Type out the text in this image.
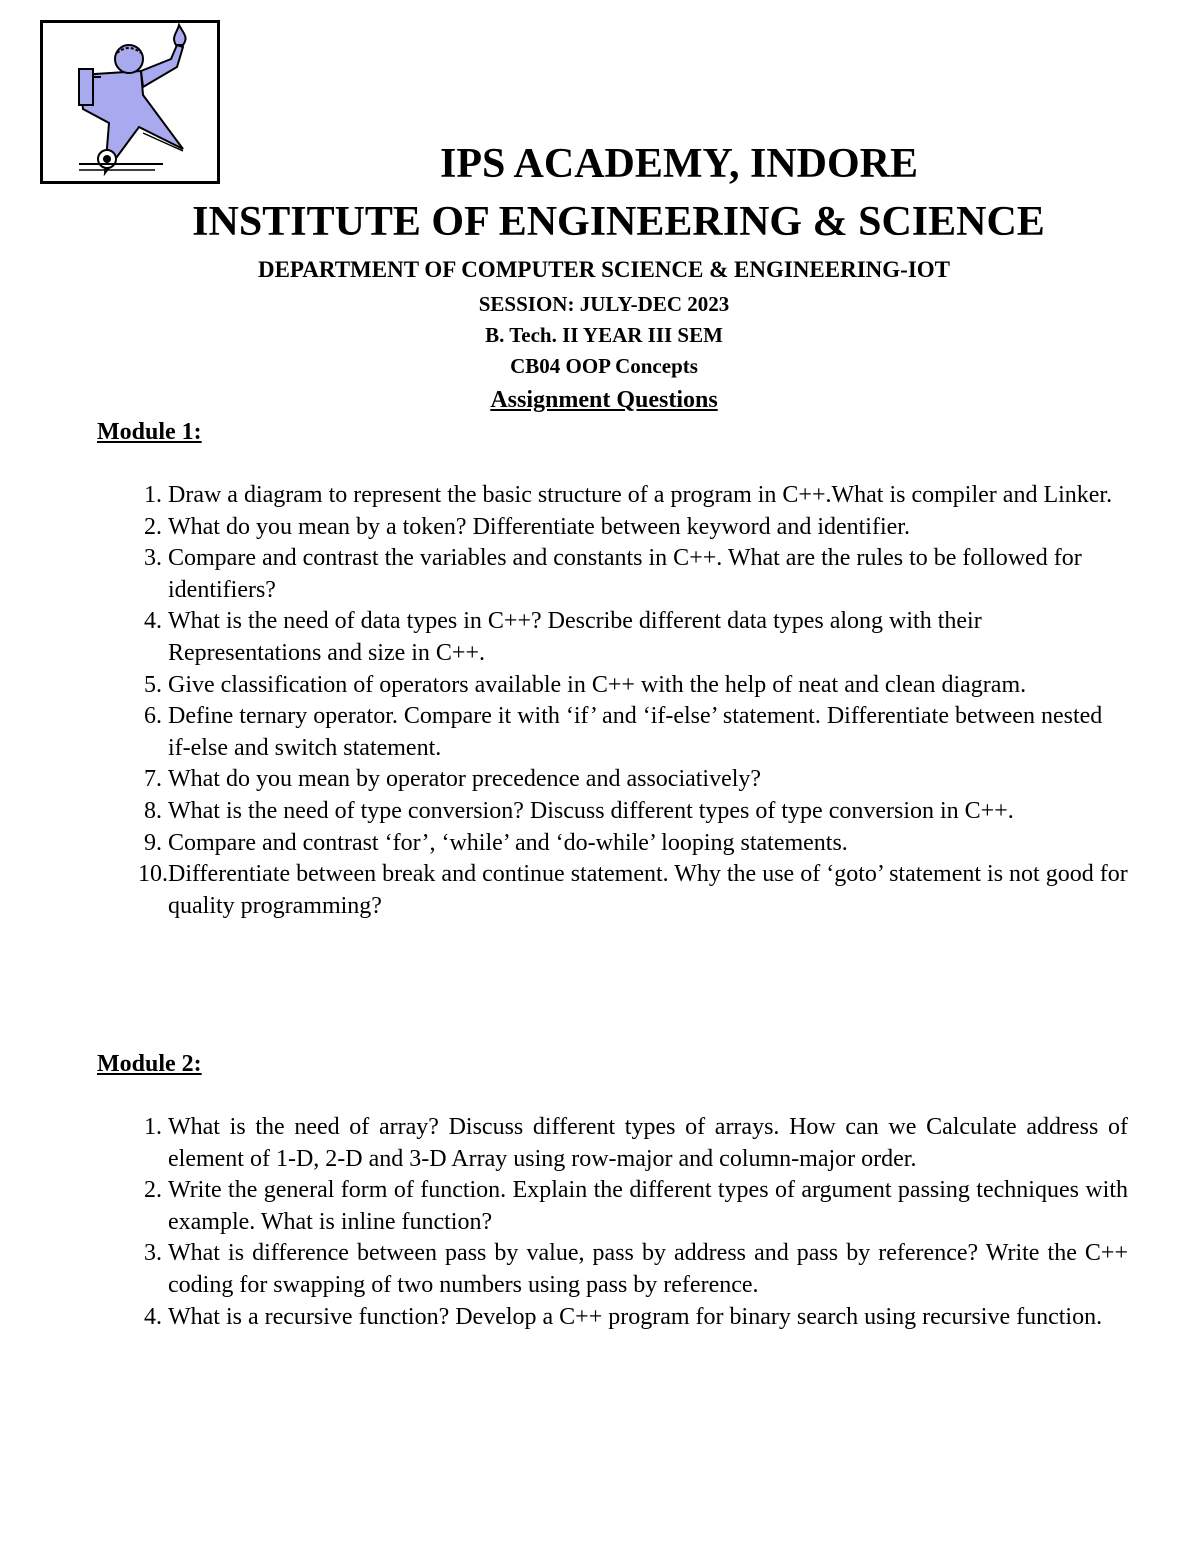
IPS ACADEMY, INDORE
INSTITUTE OF ENGINEERING & SCIENCE

DEPARTMENT OF COMPUTER SCIENCE & ENGINEERING-IOT

SESSION: JULY-DEC 2023

B. Tech. II YEAR III SEM

CB04 OOP Concepts

Assignment Questions

Module 1:

1. Draw a diagram to represent the basic structure of a program in C++.What is compiler and Linker.
2. What do you mean by a token? Differentiate between keyword and identifier.
3. Compare and contrast the variables and constants in C++. What are the rules to be followed for identifiers?
4. What is the need of data types in C++? Describe different data types along with their Representations and size in C++.
5. Give classification of operators available in C++ with the help of neat and clean diagram.
6. Define ternary operator. Compare it with ‘if’ and ‘if-else’ statement. Differentiate between nested if-else and switch statement.
7. What do you mean by operator precedence and associatively?
8. What is the need of type conversion? Discuss different types of type conversion in C++.
9. Compare and contrast ‘for’, ‘while’ and ‘do-while’ looping statements.
10. Differentiate between break and continue statement. Why the use of ‘goto’ statement is not good for quality programming?

Module 2:

1. What is the need of array? Discuss different types of arrays. How can we Calculate address of element of 1-D, 2-D and 3-D Array using row-major and column-major order.
2. Write the general form of function. Explain the different types of argument passing techniques with example. What is inline function?
3. What is difference between pass by value, pass by address and pass by reference? Write the C++ coding for swapping of two numbers using pass by reference.
4. What is a recursive function? Develop a C++ program for binary search using recursive function.
